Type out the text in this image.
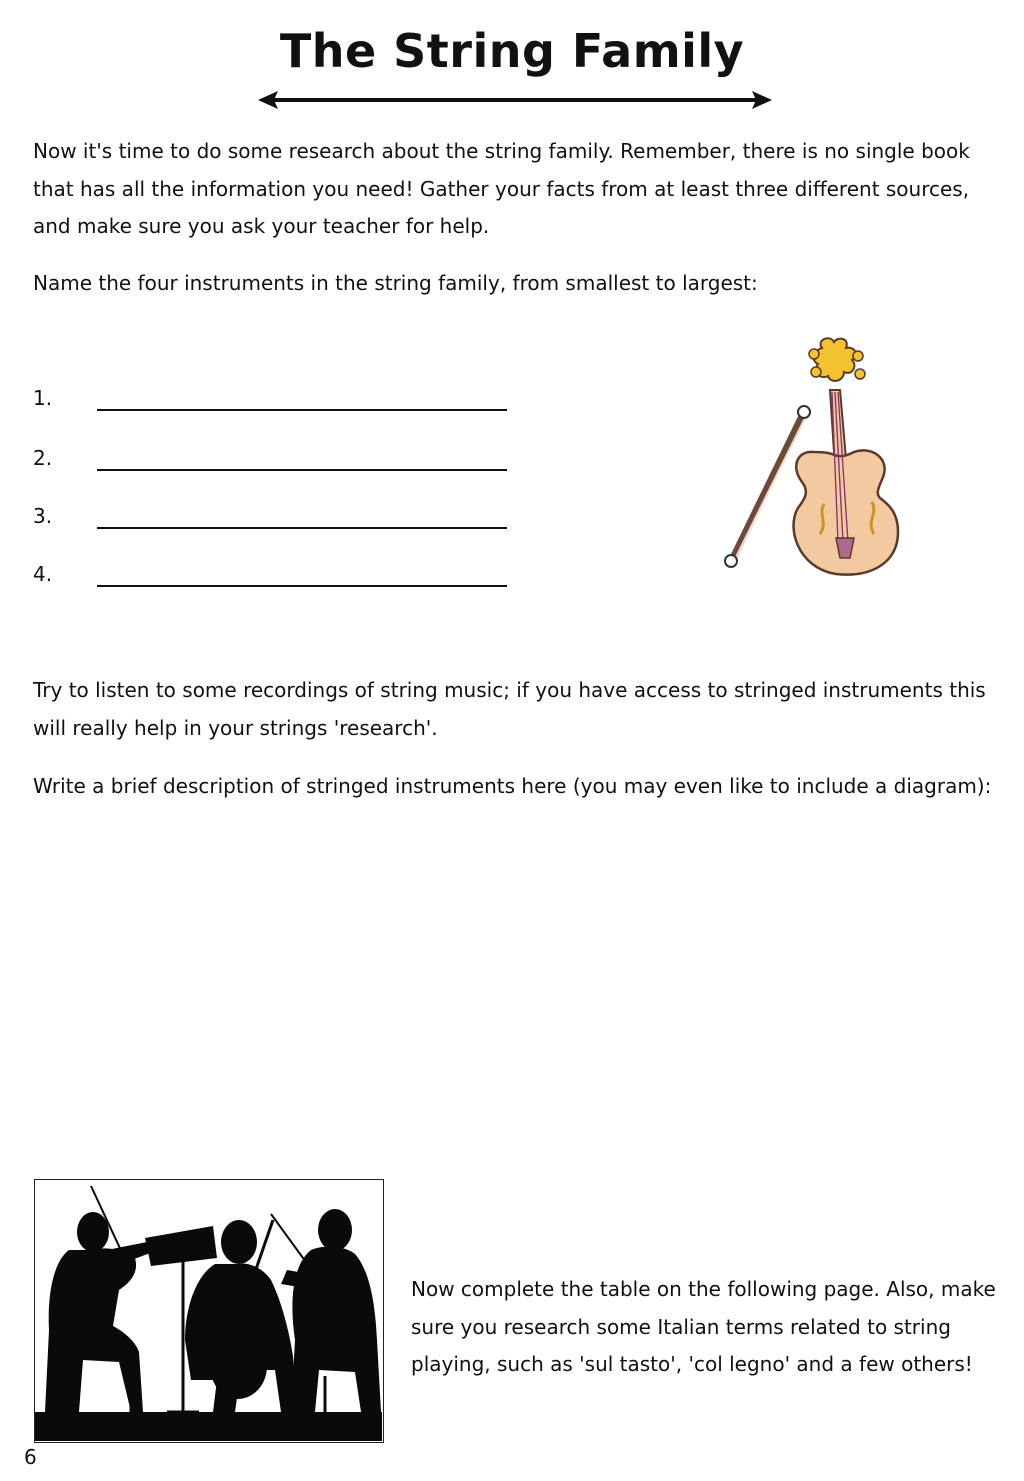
The String Family

Now it's time to do some research about the string family. Remember, there is no single book that has all the information you need! Gather your facts from at least three different sources, and make sure you ask your teacher for help.

Name the four instruments in the string family, from smallest to largest:

1.
2.
3.
4.

Try to listen to some recordings of string music; if you have access to stringed instruments this will really help in your strings 'research'.

Write a brief description of stringed instruments here (you may even like to include a diagram):

Now complete the table on the following page. Also, make sure you research some Italian terms related to string playing, such as 'sul tasto', 'col legno' and a few others!

6
